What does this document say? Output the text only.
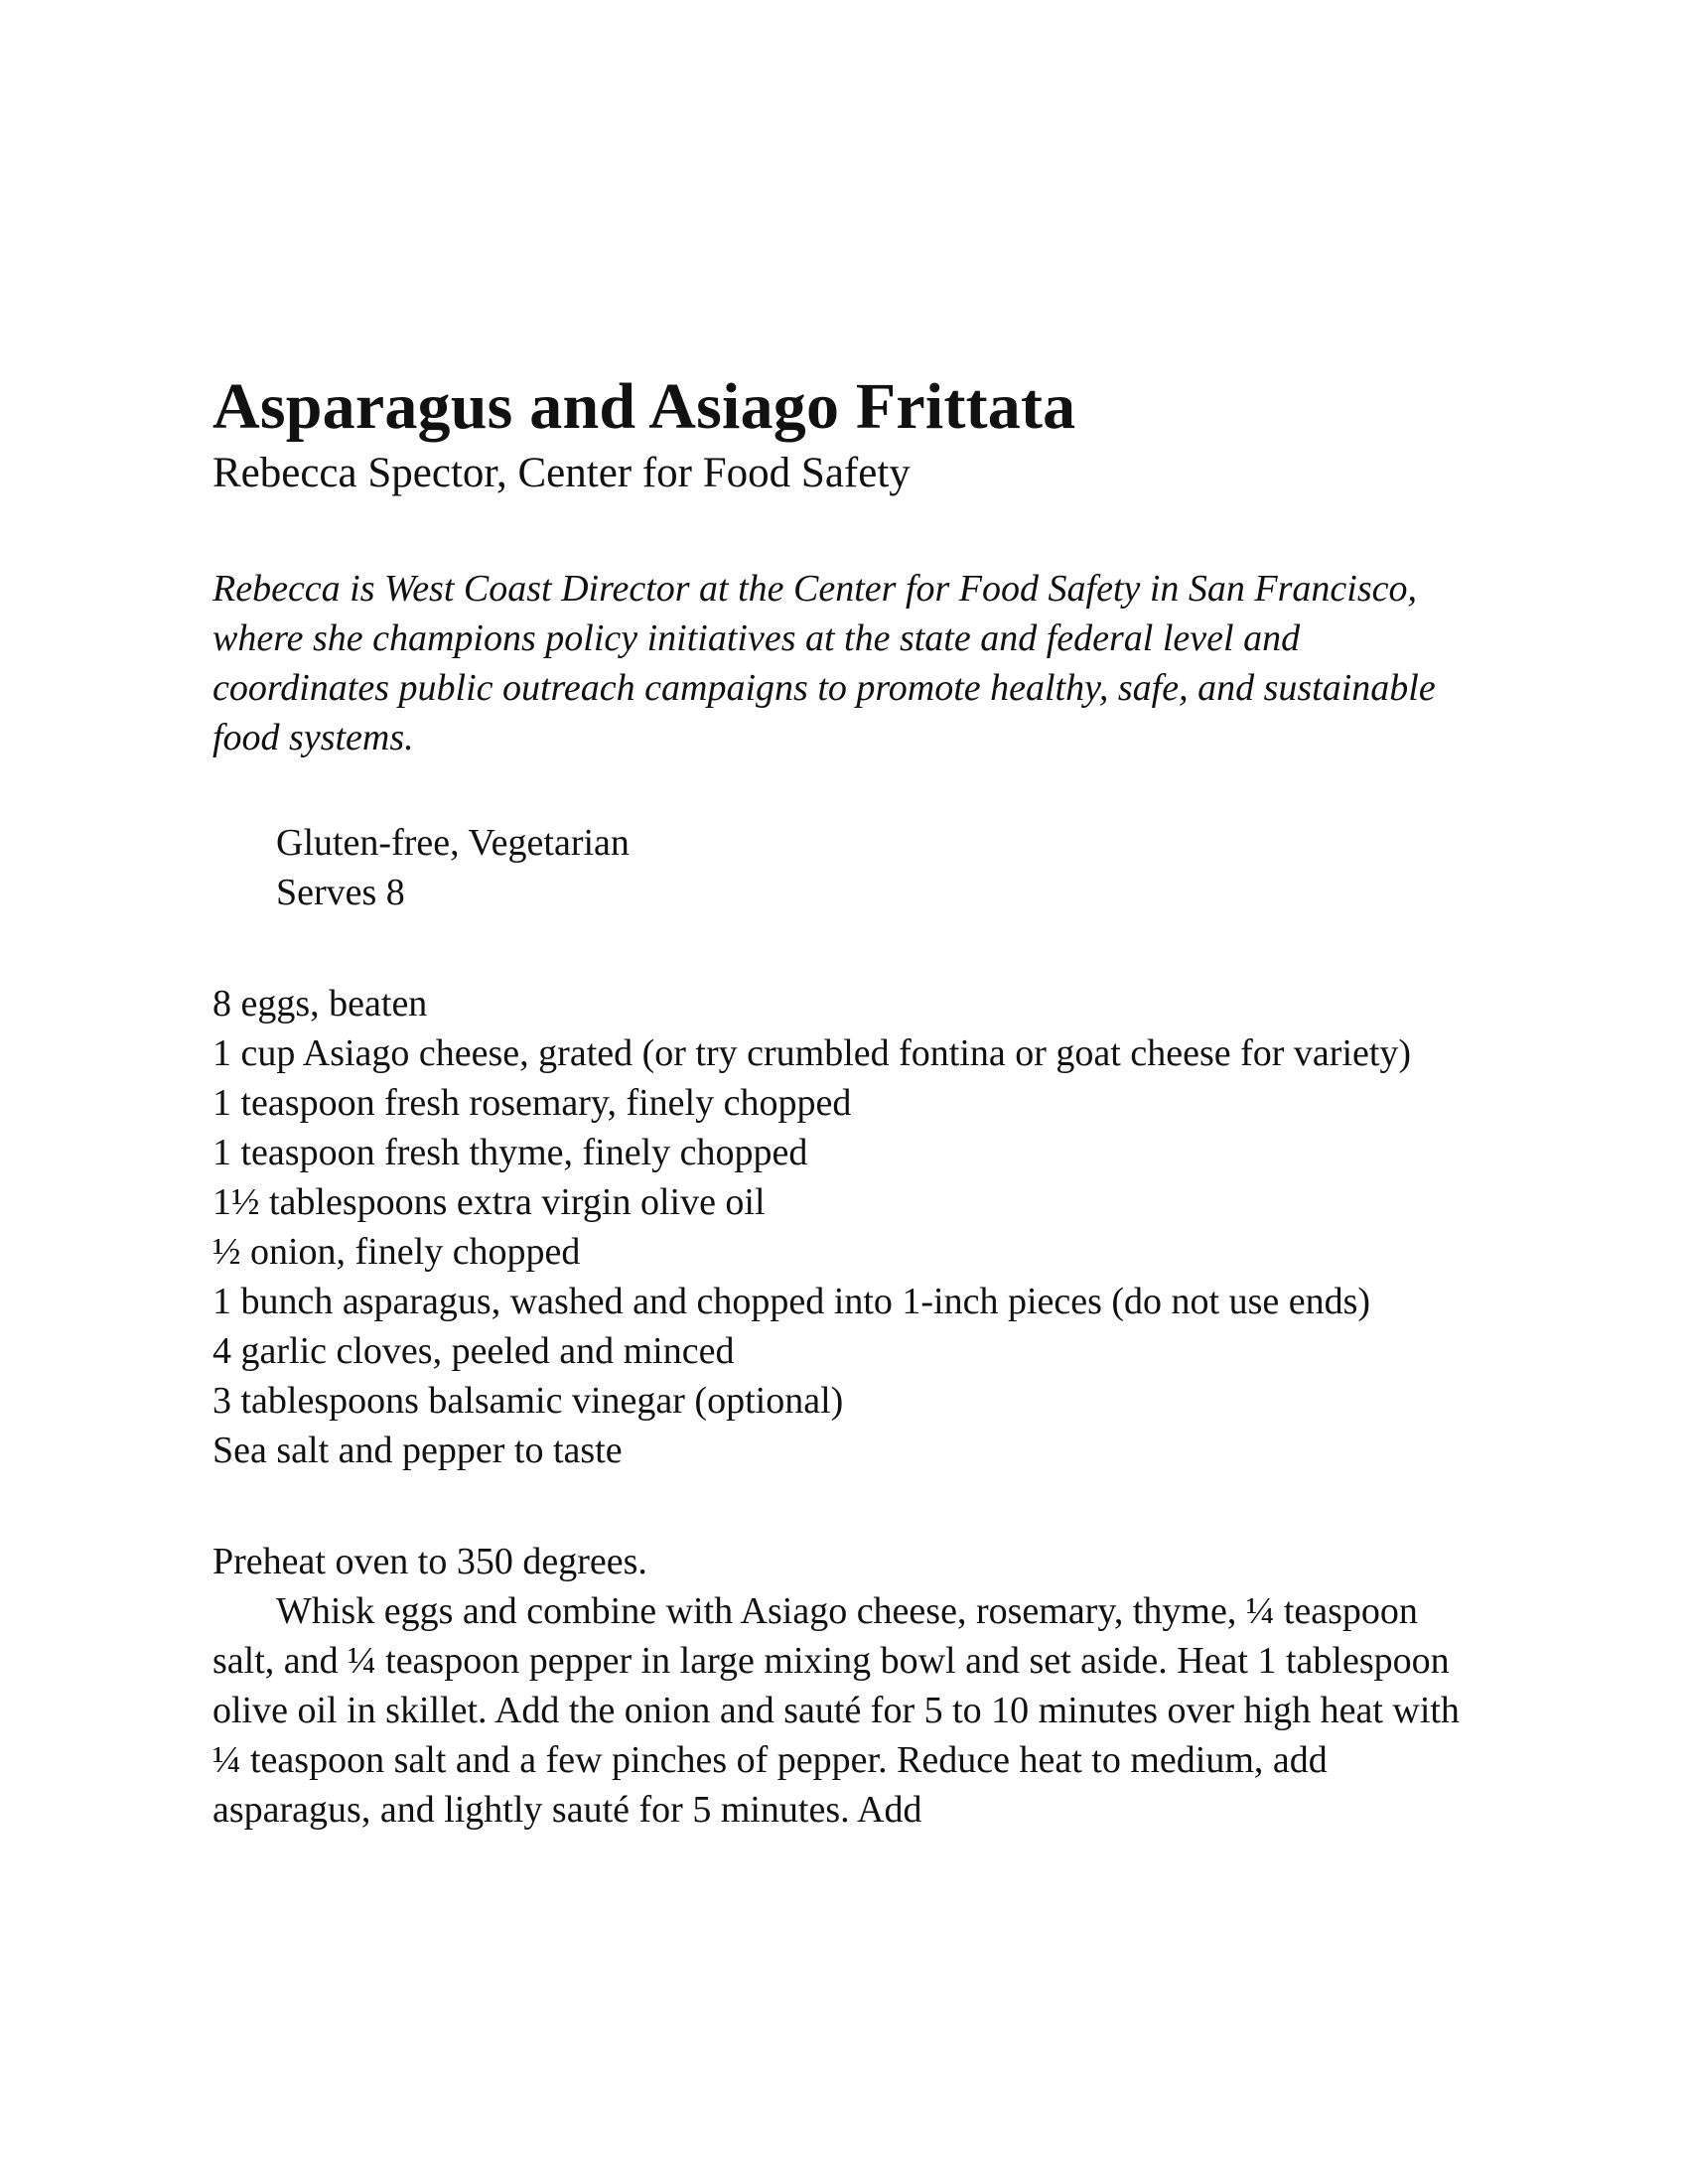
Asparagus and Asiago Frittata

Rebecca Spector, Center for Food Safety

Rebecca is West Coast Director at the Center for Food Safety in San Francisco, where she champions policy initiatives at the state and federal level and coordinates public outreach campaigns to promote healthy, safe, and sustainable food systems.

Gluten-free, Vegetarian
Serves 8
8 eggs, beaten
1 cup Asiago cheese, grated (or try crumbled fontina or goat cheese for variety)
1 teaspoon fresh rosemary, finely chopped
1 teaspoon fresh thyme, finely chopped
1½ tablespoons extra virgin olive oil
½ onion, finely chopped
1 bunch asparagus, washed and chopped into 1-inch pieces (do not use ends)
4 garlic cloves, peeled and minced
3 tablespoons balsamic vinegar (optional)
Sea salt and pepper to taste

Preheat oven to 350 degrees.

Whisk eggs and combine with Asiago cheese, rosemary, thyme, ¼ teaspoon salt, and ¼ teaspoon pepper in large mixing bowl and set aside. Heat 1 tablespoon olive oil in skillet. Add the onion and sauté for 5 to 10 minutes over high heat with ¼ teaspoon salt and a few pinches of pepper. Reduce heat to medium, add asparagus, and lightly sauté for 5 minutes. Add
